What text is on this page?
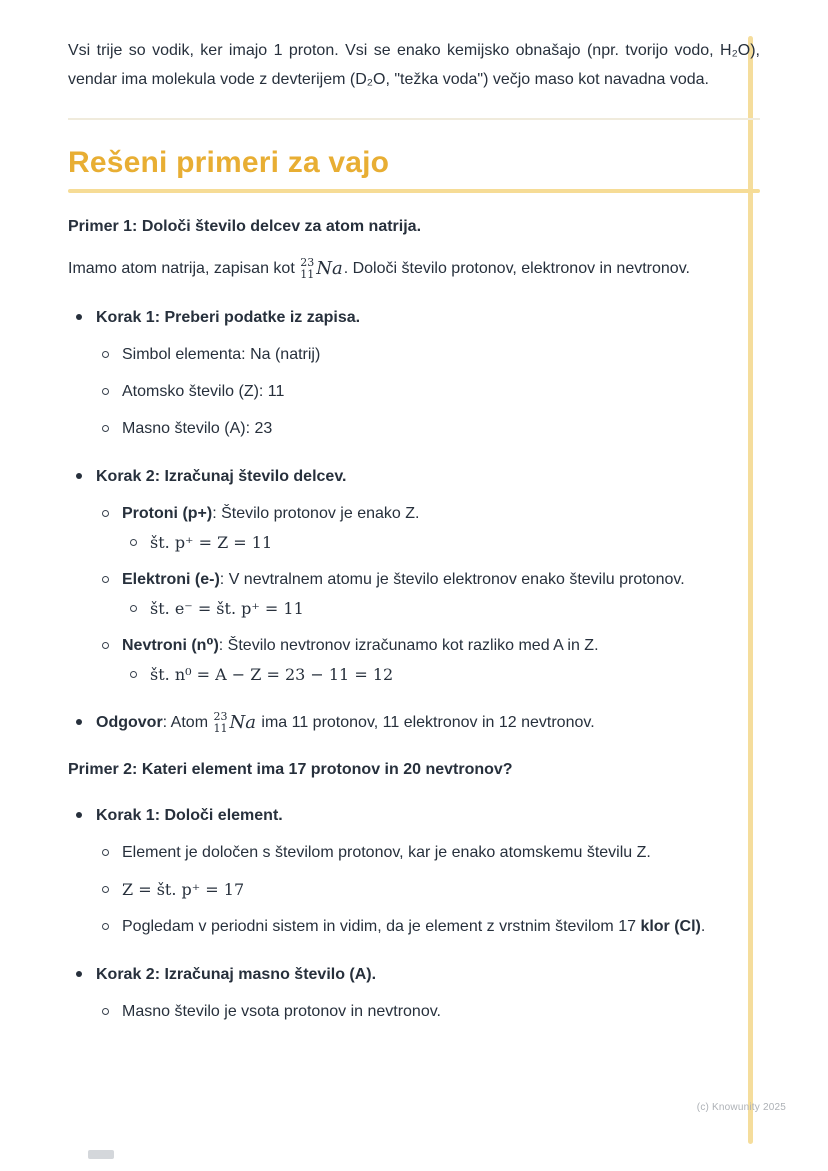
Vsi trije so vodik, ker imajo 1 proton. Vsi se enako kemijsko obnašajo (npr. tvorijo vodo, H₂O), vendar ima molekula vode z devterijem (D₂O, "težka voda") večjo maso kot navadna voda.

Rešeni primeri za vajo

Primer 1: Določi število delcev za atom natrija.

Imamo atom natrija, zapisan kot 23
11 Na . Določi število protonov, elektronov in nevtronov.

Korak 1: Preberi podatke iz zapisa.
Simbol elementa: Na (natrij)
Atomsko število (Z): 11
Masno število (A): 23
Korak 2: Izračunaj število delcev.
Protoni (p+): Število protonov je enako Z.
št. p⁺ = Z = 11
Elektroni (e-): V nevtralnem atomu je število elektronov enako številu protonov.
št. e⁻ = št. p⁺ = 11
Nevtroni (n⁰): Število nevtronov izračunamo kot razliko med A in Z.
št. n⁰ = A − Z = 23 − 11 = 12
Odgovor: Atom 23
11 Na ima 11 protonov, 11 elektronov in 12 nevtronov.

Primer 2: Kateri element ima 17 protonov in 20 nevtronov?

Korak 1: Določi element.
Element je določen s številom protonov, kar je enako atomskemu številu Z.
Z = št. p⁺ = 17
Pogledam v periodni sistem in vidim, da je element z vrstnim številom 17 klor (Cl).
Korak 2: Izračunaj masno število (A).
Masno število je vsota protonov in nevtronov.
(c) Knowunity 2025
